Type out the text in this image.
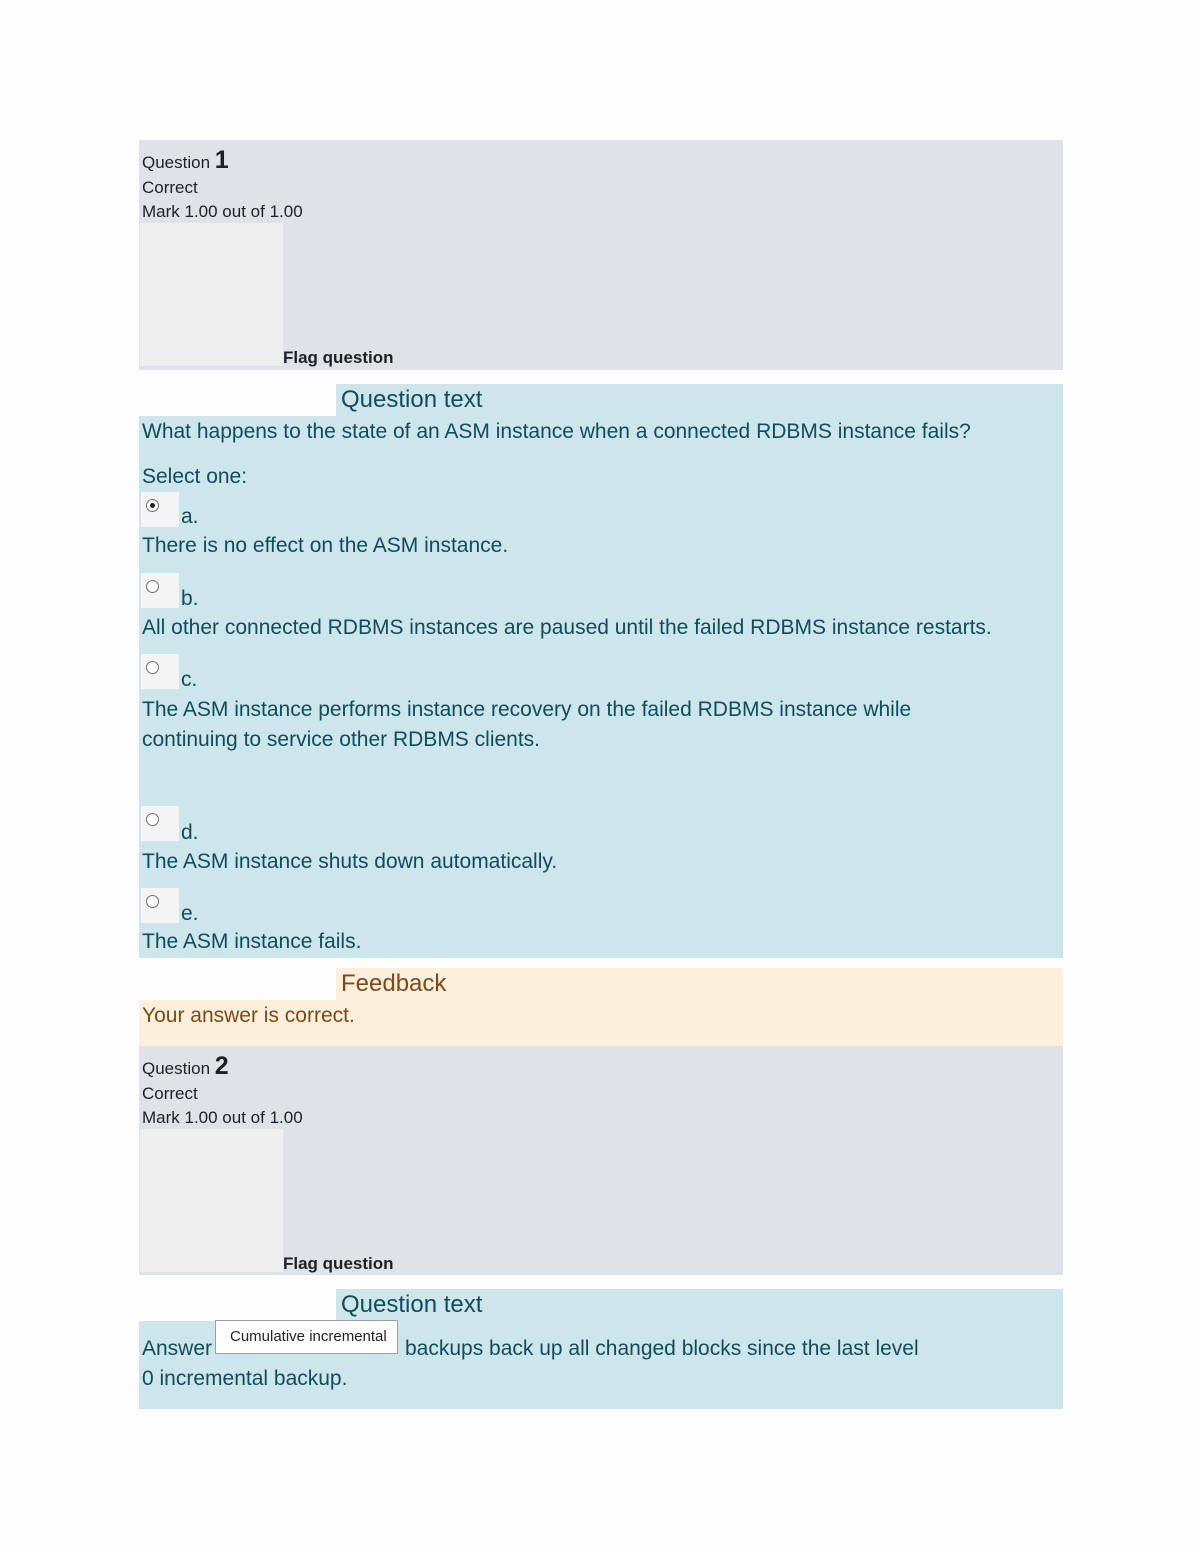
Question 1
Correct
Mark 1.00 out of 1.00
Flag question
Question text
What happens to the state of an ASM instance when a connected RDBMS instance fails?
Select one:
a.
There is no effect on the ASM instance.
b.
All other connected RDBMS instances are paused until the failed RDBMS instance restarts.
c.
The ASM instance performs instance recovery on the failed RDBMS instance while
continuing to service other RDBMS clients.
d.
The ASM instance shuts down automatically.
e.
The ASM instance fails.
Feedback
Your answer is correct.
Question 2
Correct
Mark 1.00 out of 1.00
Flag question
Question text
Answer
Cumulative incremental
backups back up all changed blocks since the last level
0 incremental backup.
